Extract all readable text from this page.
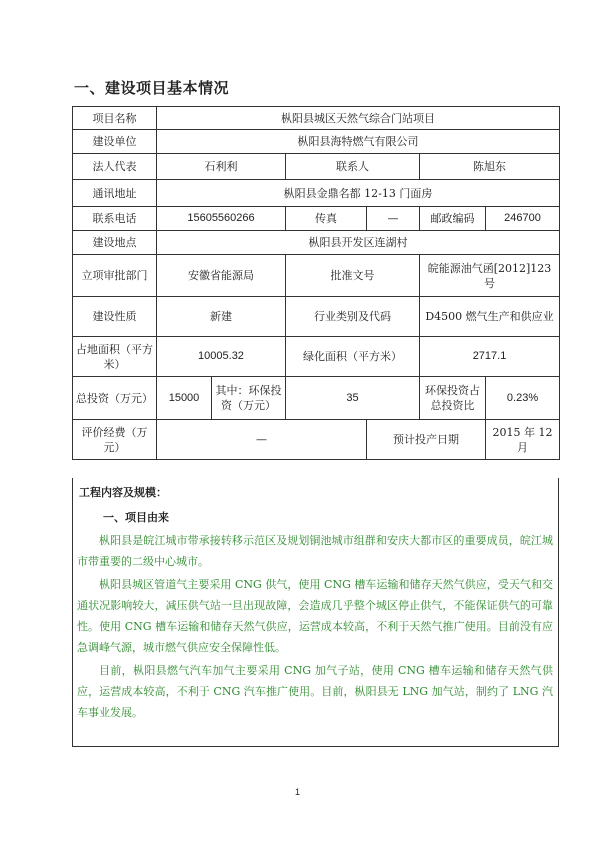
一、建设项目基本情况
项目名称	枞阳县城区天然气综合门站项目					
建设单位	枞阳县海特燃气有限公司					
法人代表	石利利		联系人		陈旭东	
通讯地址	枞阳县金鼎名都 12-13 门面房					
联系电话	15605560266		传真	—	邮政编码	246700
建设地点	枞阳县开发区连湖村					
立项审批部门	安徽省能源局		批准文号		皖能源油气函[2012]123 号	
建设性质	新建		行业类别及代码		D4500 燃气生产和供应业	
占地面积（平方米）	10005.32		绿化面积（平方米）		2717.1	
总投资（万元）	15000	其中：环保投资（万元）	35		环保投资占总投资比	0.23%
评价经费（万元）	—			预计投产日期		2015 年 12 月
工程内容及规模：
一、项目由来

枞阳县是皖江城市带承接转移示范区及规划铜池城市组群和安庆大都市区的重要成员，皖江城市带重要的二级中心城市。

枞阳县城区管道气主要采用 CNG 供气，使用 CNG 槽车运输和储存天然气供应，受天气和交通状况影响较大，减压供气站一旦出现故障，会造成几乎整个城区停止供气，不能保证供气的可靠性。使用 CNG 槽车运输和储存天然气供应，运营成本较高，不利于天然气推广使用。目前没有应急调峰气源，城市燃气供应安全保障性低。

目前，枞阳县燃气汽车加气主要采用 CNG 加气子站，使用 CNG 槽车运输和储存天然气供应，运营成本较高，不利于 CNG 汽车推广使用。目前，枞阳县无 LNG 加气站，制约了 LNG 汽车事业发展。

1
